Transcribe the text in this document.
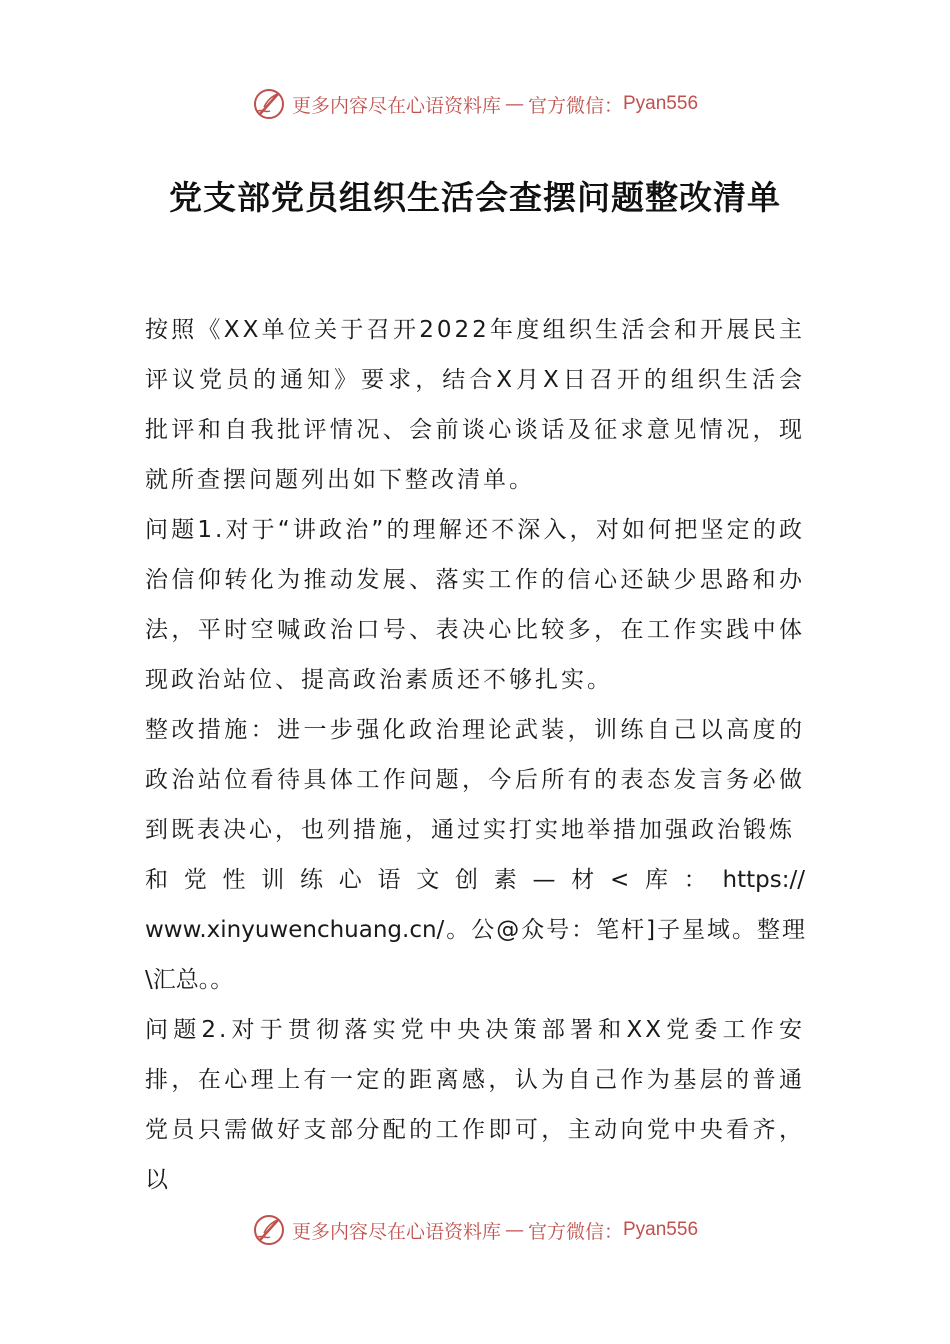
更多内容尽在心语资料库 — 官方微信： Pyan556
党支部党员组织生活会查摆问题整改清单

按照《XX单位关于召开2022年度组织生活会和开展民主评议党员的通知》要求，结合X月X日召开的组织生活会批评和自我批评情况、会前谈心谈话及征求意见情况，现就所查摆问题列出如下整改清单。

问题1.对于“讲政治”的理解还不深入，对如何把坚定的政治信仰转化为推动发展、落实工作的信心还缺少思路和办法，平时空喊政治口号、表决心比较多，在工作实践中体现政治站位、提高政治素质还不够扎实。

整改措施：进一步强化政治理论武装，训练自己以高度的政治站位看待具体工作问题，今后所有的表态发言务必做到既表决心，也列措施，通过实打实地举措加强政治锻炼

和 党 性 训 练 心 语 文 创 素 — 材 < 库 ： https://

www.xinyuwenchuang.cn/。公@众号：笔杆]子星域。整理\汇总。。

问题2.对于贯彻落实党中央决策部署和XX党委工作安排，在心理上有一定的距离感，认为自己作为基层的普通党员只需做好支部分配的工作即可，主动向党中央看齐，以

更多内容尽在心语资料库 — 官方微信： Pyan556
